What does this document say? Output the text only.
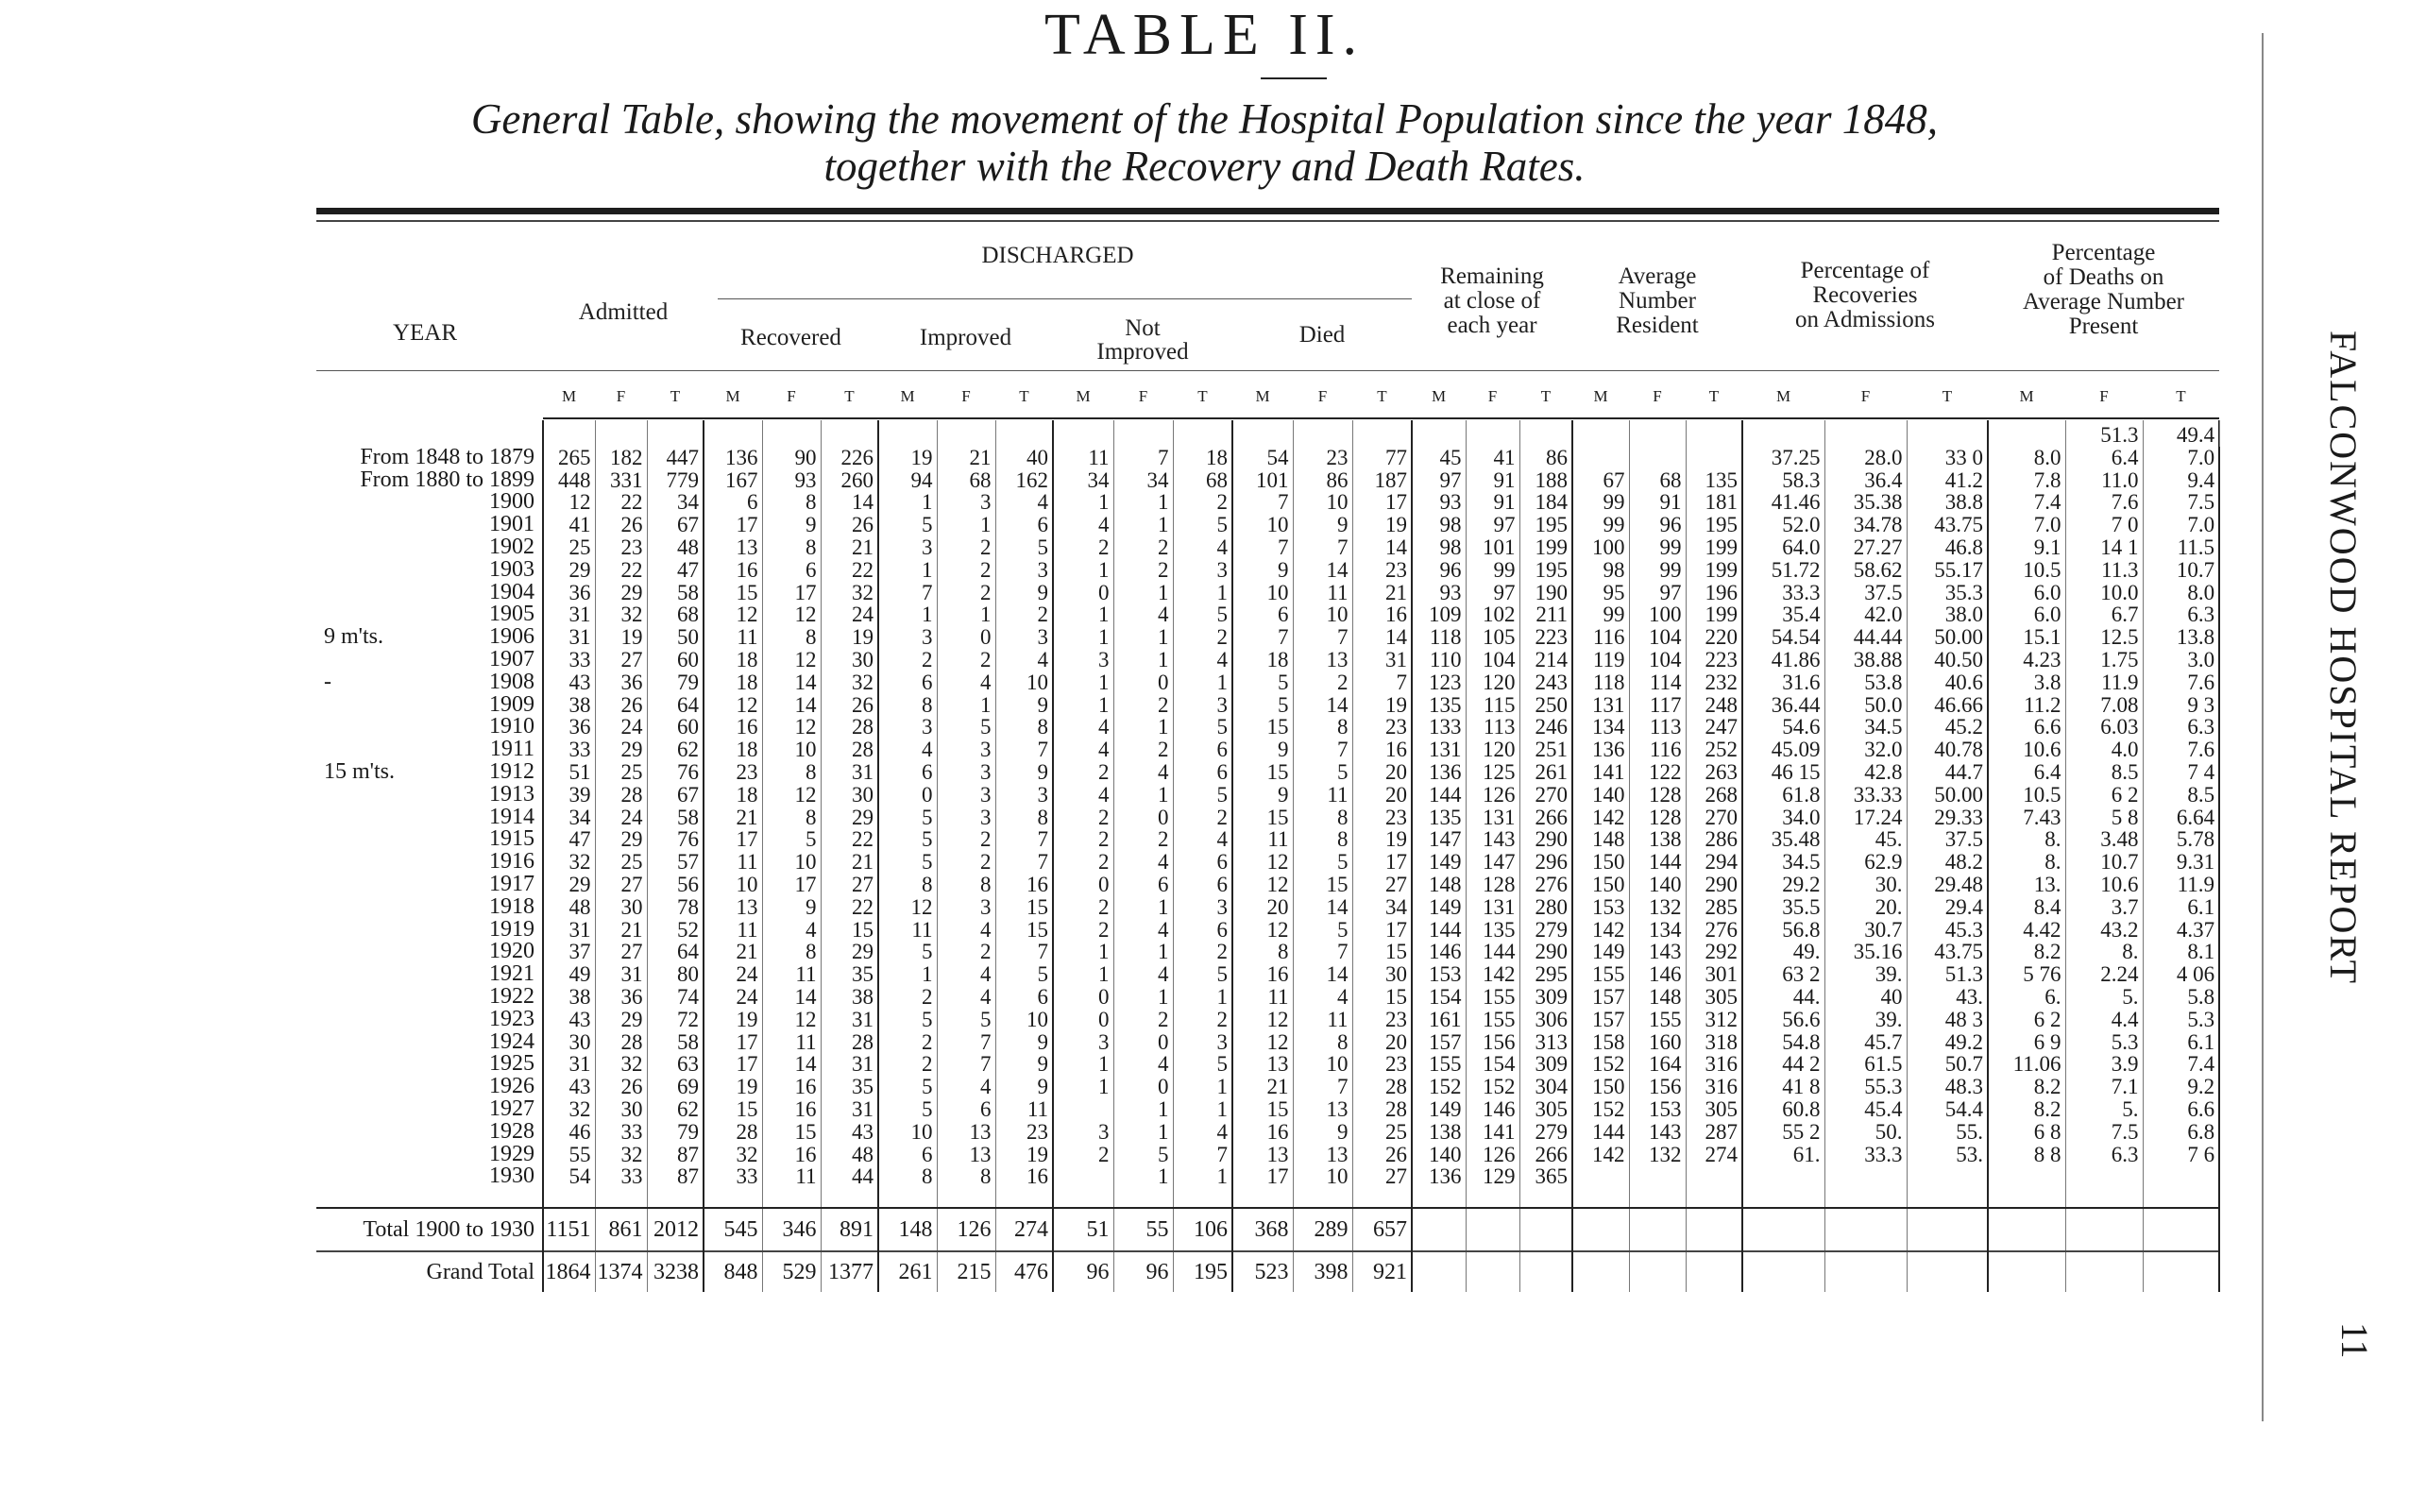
TABLE II.
General Table, showing the movement of the Hospital Population since the year 1848,
together with the Recovery and Death Rates.
YEAR
Admitted
DISCHARGED
Recovered	Improved	Not
Improved
Died
Remaining
at close of
each year
Average
Number
Resident
Percentage of
Recoveries
on Admissions
Percentage
of Deaths on
Average Number
Present
M	F	T	M	F	T	M	F	T	M	F	T	M	F	T	M	F	T	M	F	T	M	F	T	M	F	T

																										51.3	49.4				
From 1848 to 1879	265	182	447	136	90	226	19	21	40	11	7	18	54	23	77	45	41	86				37.25	28.0	33 0	8.0	6.4	7.0	
From 1880 to 1899	448	331	779	167	93	260	94	68	162	34	34	68	101	86	187	97	91	188	67	68	135	58.3	36.4	41.2	7.8	11.0	9.4	
1900	12	22	34	6	8	14	1	3	4	1	1	2	7	10	17	93	91	184	99	91	181	41.46	35.38	38.8	7.4	7.6	7.5	
1901	41	26	67	17	9	26	5	1	6	4	1	5	10	9	19	98	97	195	99	96	195	52.0	34.78	43.75	7.0	7 0	7.0	
1902	25	23	48	13	8	21	3	2	5	2	2	4	7	7	14	98	101	199	100	99	199	64.0	27.27	46.8	9.1	14 1	11.5	
1903	29	22	47	16	6	22	1	2	3	1	2	3	9	14	23	96	99	195	98	99	199	51.72	58.62	55.17	10.5	11.3	10.7	
1904	36	29	58	15	17	32	7	2	9	0	1	1	10	11	21	93	97	190	95	97	196	33.3	37.5	35.3	6.0	10.0	8.0	
1905	31	32	68	12	12	24	1	1	2	1	4	5	6	10	16	109	102	211	99	100	199	35.4	42.0	38.0	6.0	6.7	6.3	

9 m'ts. 1906	31	19	50	11	8	19	3	0	3	1	1	2	7	7	14	118	105	223	116	104	220	54.54	44.44	50.00	15.1	12.5	13.8	
1907	33	27	60	18	12	30	2	2	4	3	1	4	18	13	31	110	104	214	119	104	223	41.86	38.88	40.50	4.23	1.75	3.0	

- 1908	43	36	79	18	14	32	6	4	10	1	0	1	5	2	7	123	120	243	118	114	232	31.6	53.8	40.6	3.8	11.9	7.6	
1909	38	26	64	12	14	26	8	1	9	1	2	3	5	14	19	135	115	250	131	117	248	36.44	50.0	46.66	11.2	7.08	9 3	
1910	36	24	60	16	12	28	3	5	8	4	1	5	15	8	23	133	113	246	134	113	247	54.6	34.5	45.2	6.6	6.03	6.3	
1911	33	29	62	18	10	28	4	3	7	4	2	6	9	7	16	131	120	251	136	116	252	45.09	32.0	40.78	10.6	4.0	7.6	

15 m'ts. 1912	51	25	76	23	8	31	6	3	9	2	4	6	15	5	20	136	125	261	141	122	263	46 15	42.8	44.7	6.4	8.5	7 4	
1913	39	28	67	18	12	30	0	3	3	4	1	5	9	11	20	144	126	270	140	128	268	61.8	33.33	50.00	10.5	6 2	8.5	
1914	34	24	58	21	8	29	5	3	8	2	0	2	15	8	23	135	131	266	142	128	270	34.0	17.24	29.33	7.43	5 8	6.64	
1915	47	29	76	17	5	22	5	2	7	2	2	4	11	8	19	147	143	290	148	138	286	35.48	45.	37.5	8.	3.48	5.78	
1916	32	25	57	11	10	21	5	2	7	2	4	6	12	5	17	149	147	296	150	144	294	34.5	62.9	48.2	8.	10.7	9.31	
1917	29	27	56	10	17	27	8	8	16	0	6	6	12	15	27	148	128	276	150	140	290	29.2	30.	29.48	13.	10.6	11.9	
1918	48	30	78	13	9	22	12	3	15	2	1	3	20	14	34	149	131	280	153	132	285	35.5	20.	29.4	8.4	3.7	6.1	
1919	31	21	52	11	4	15	11	4	15	2	4	6	12	5	17	144	135	279	142	134	276	56.8	30.7	45.3	4.42	43.2	4.37	
1920	37	27	64	21	8	29	5	2	7	1	1	2	8	7	15	146	144	290	149	143	292	49.	35.16	43.75	8.2	8.	8.1	
1921	49	31	80	24	11	35	1	4	5	1	4	5	16	14	30	153	142	295	155	146	301	63 2	39.	51.3	5 76	2.24	4 06	
1922	38	36	74	24	14	38	2	4	6	0	1	1	11	4	15	154	155	309	157	148	305	44.	40	43.	6.	5.	5.8	
1923	43	29	72	19	12	31	5	5	10	0	2	2	12	11	23	161	155	306	157	155	312	56.6	39.	48 3	6 2	4.4	5.3	
1924	30	28	58	17	11	28	2	7	9	3	0	3	12	8	20	157	156	313	158	160	318	54.8	45.7	49.2	6 9	5.3	6.1	
1925	31	32	63	17	14	31	2	7	9	1	4	5	13	10	23	155	154	309	152	164	316	44 2	61.5	50.7	11.06	3.9	7.4	
1926	43	26	69	19	16	35	5	4	9	1	0	1	21	7	28	152	152	304	150	156	316	41 8	55.3	48.3	8.2	7.1	9.2	
1927	32	30	62	15	16	31	5	6	11		1	1	15	13	28	149	146	305	152	153	305	60.8	45.4	54.4	8.2	5.	6.6	
1928	46	33	79	28	15	43	10	13	23	3	1	4	16	9	25	138	141	279	144	143	287	55 2	50.	55.	6 8	7.5	6.8	
1929	55	32	87	32	16	48	6	13	19	2	5	7	13	13	26	140	126	266	142	132	274	61.	33.3	53.	8 8	6.3	7 6	
1930	54	33	87	33	11	44	8	8	16		1	1	17	10	27	136	129	365										

Total 1900 to 1930	1151	861	2012	545	346	891	148	126	274	51	55	106	368	289	657													
Grand Total	1864	1374	3238	848	529	1377	261	215	476	96	96	195	523	398	921													
FALCONWOOD HOSPITAL REPORT
11
